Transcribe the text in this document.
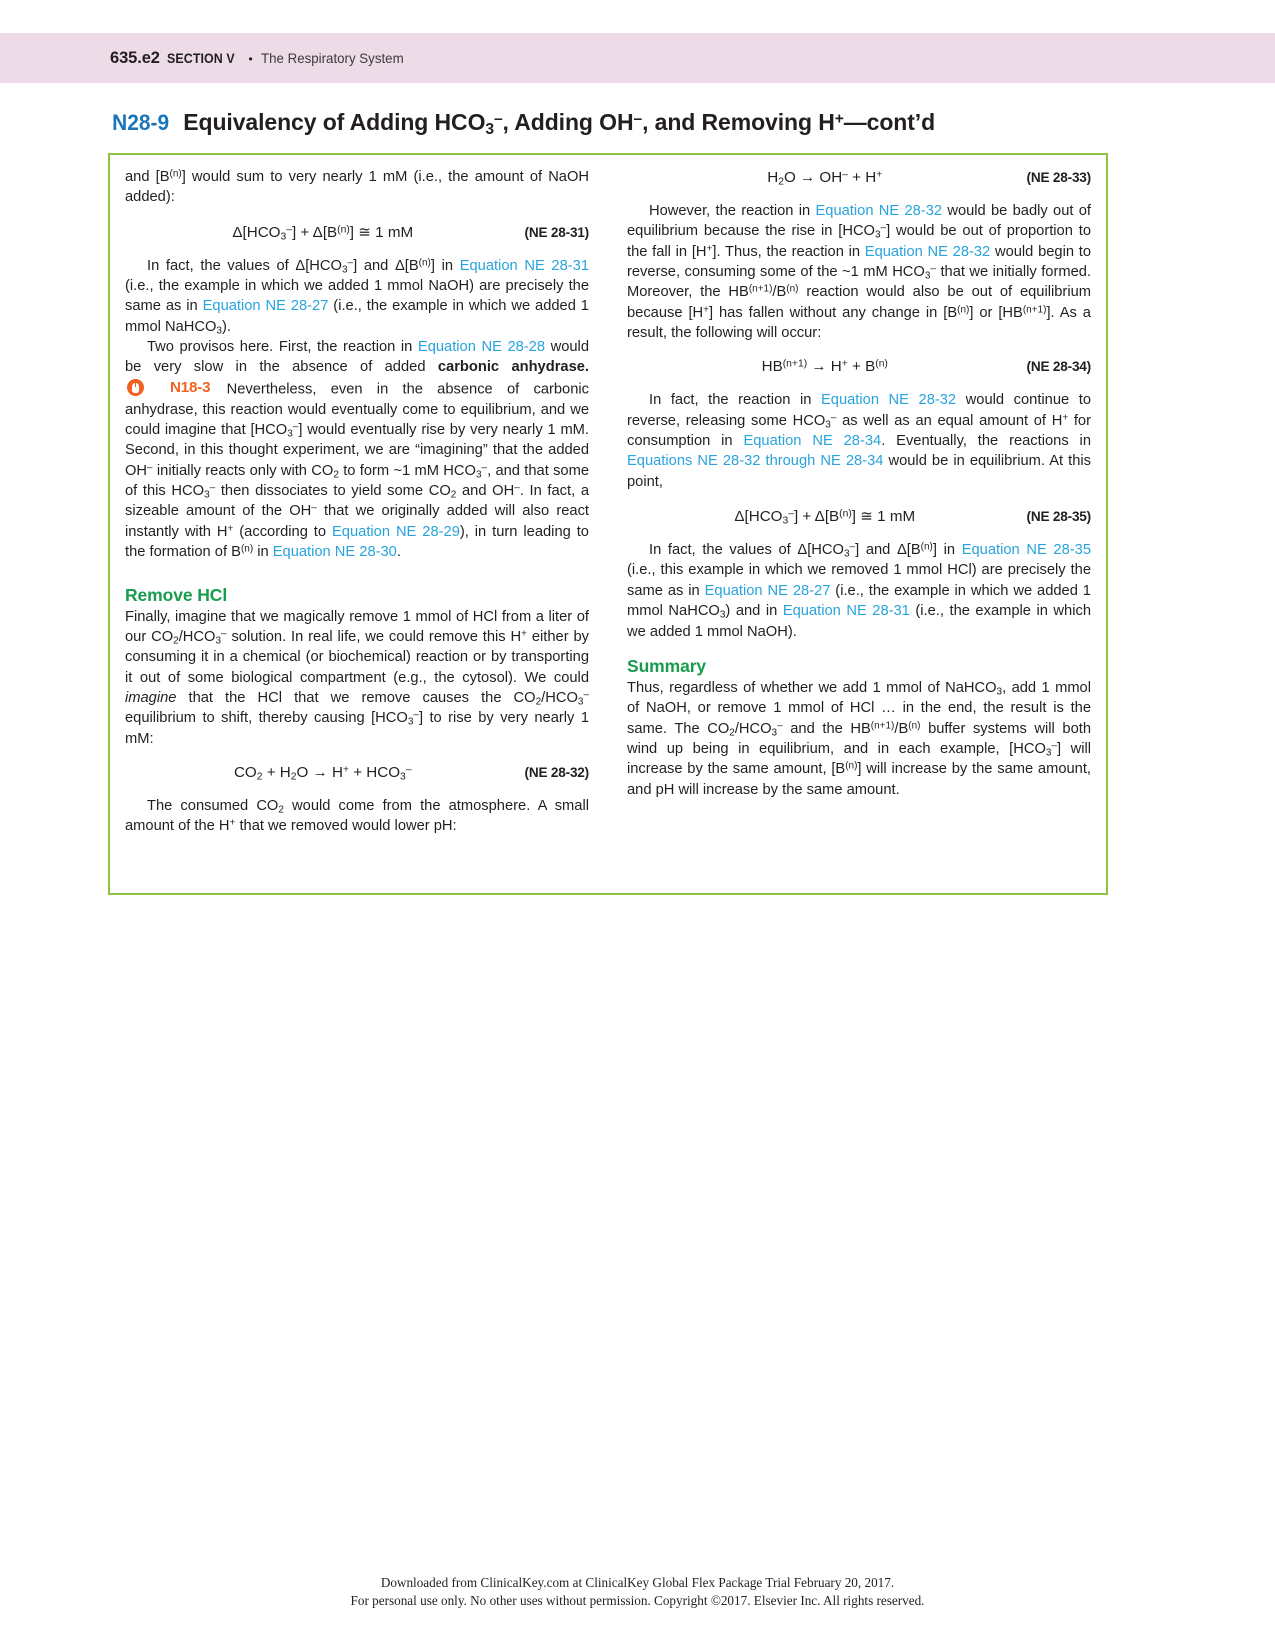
635.e2 SECTION V • The Respiratory System
N28-9 Equivalency of Adding $HCO_3^-$, Adding OH–, and Removing H+—cont’d

and $[B^{(n)}]$ would sum to very nearly 1 mM (i.e., the amount of NaOH added):

$\Delta[HCO_3^-] + \Delta[B^{(n)}]$ ≅ 1 mM	(NE 28-31)

In fact, the values of $\Delta[HCO_3^-]$ and $\Delta[B^{(n)}]$ in Equation NE 28-31 (i.e., the example in which we added 1 mmol NaOH) are precisely the same as in Equation NE 28-27 (i.e., the example in which we added 1 mmol NaHCO$_3$).

Two provisos here. First, the reaction in Equation NE 28-28 would be very slow in the absence of added carbonic anhydrase.
N18-3 Nevertheless, even in the absence of carbonic anhydrase, this reaction would eventually come to equilibrium, and we could imagine that $[HCO_3^-]$ would eventually rise by very nearly 1 mM. Second, in this thought experiment, we are “imagining” that the added OH– initially reacts only with $CO_2$ to form ~1 mM $HCO_3^-$, and that some of this $HCO_3^-$ then dissociates to yield some $CO_2$ and OH–. In fact, a sizeable amount of the OH– that we originally added will also react instantly with H+ (according to Equation NE 28-29), in turn leading to the formation of $B^{(n)}$ in Equation NE 28-30.

Remove HCl

Finally, imagine that we magically remove 1 mmol of HCl from a liter of our $CO_2/HCO_3^-$ solution. In real life, we could remove this H+ either by consuming it in a chemical (or biochemical) reaction or by transporting it out of some biological compartment (e.g., the cytosol). We could imagine that the HCl that we remove causes the $CO_2/HCO_3^-$ equilibrium to shift, thereby causing $[HCO_3^-]$ to rise by very nearly 1 mM:

$CO_2 + H_2O \to H^+ + HCO_3^-$	(NE 28-32)

The consumed $CO_2$ would come from the atmosphere. A small amount of the H+ that we removed would lower pH:

$H_2O \to OH^- + H^+$	(NE 28-33)

However, the reaction in Equation NE 28-32 would be badly out of equilibrium because the rise in $[HCO_3^-]$ would be out of proportion to the fall in [H+]. Thus, the reaction in Equation NE 28-32 would begin to reverse, consuming some of the ~1 mM $HCO_3^-$ that we initially formed. Moreover, the $HB^{(n+1)}/B^{(n)}$ reaction would also be out of equilibrium because [H+] has fallen without any change in $[B^{(n)}]$ or $[HB^{(n+1)}]$. As a result, the following will occur:

$HB^{(n+1)} \to H^+ + B^{(n)}$	(NE 28-34)

In fact, the reaction in Equation NE 28-32 would continue to reverse, releasing some $HCO_3^-$ as well as an equal amount of H+ for consumption in Equation NE 28-34. Eventually, the reactions in Equations NE 28-32 through NE 28-34 would be in equilibrium. At this point,

$\Delta[HCO_3^-] + \Delta[B^{(n)}]$ ≅ 1 mM	(NE 28-35)

In fact, the values of $\Delta[HCO_3^-]$ and $\Delta[B^{(n)}]$ in Equation NE 28-35 (i.e., this example in which we removed 1 mmol HCl) are precisely the same as in Equation NE 28-27 (i.e., the example in which we added 1 mmol NaHCO$_3$) and in Equation NE 28-31 (i.e., the example in which we added 1 mmol NaOH).

Summary

Thus, regardless of whether we add 1 mmol of NaHCO$_3$, add 1 mmol of NaOH, or remove 1 mmol of HCl … in the end, the result is the same. The $CO_2/HCO_3^-$ and the $HB^{(n+1)}/B^{(n)}$ buffer systems will both wind up being in equilibrium, and in each example, $[HCO_3^-]$ will increase by the same amount, $[B^{(n)}]$ will increase by the same amount, and pH will increase by the same amount.

Downloaded from ClinicalKey.com at ClinicalKey Global Flex Package Trial February 20, 2017.
For personal use only. No other uses without permission. Copyright ©2017. Elsevier Inc. All rights reserved.
